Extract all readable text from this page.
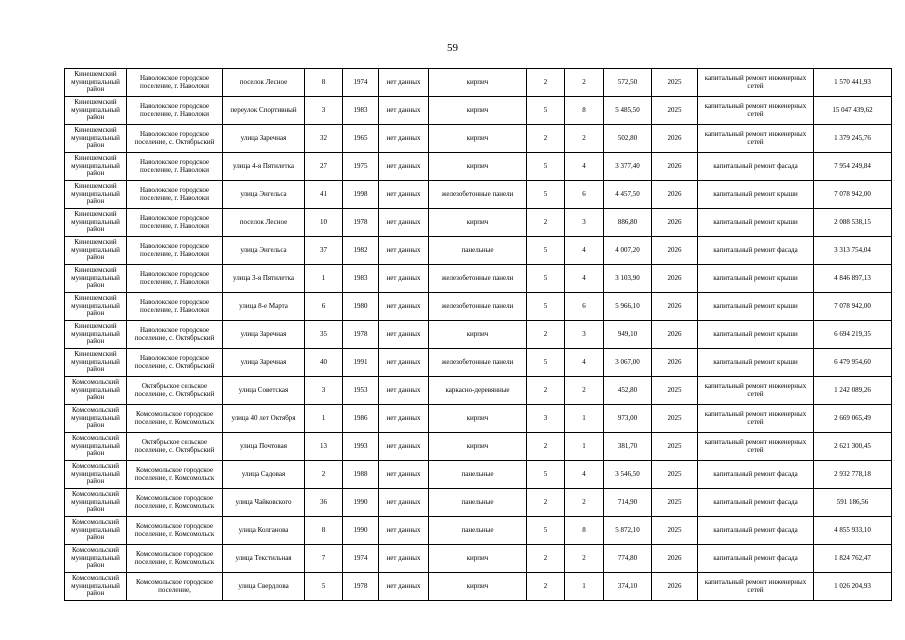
59
Кинешемский муниципальный район	Наволокское городское поселение, г. Наволоки	поселок Лесное	8	1974	нет данных	кирпич	2	2	572,50	2025	капитальный ремонт инженерных сетей	1 570 441,93
Кинешемский муниципальный район	Наволокское городское поселение, г. Наволоки	переулок Спортивный	3	1983	нет данных	кирпич	5	8	5 485,50	2025	капитальный ремонт инженерных сетей	15 047 439,62
Кинешемский муниципальный район	Наволокское городское поселение, с. Октябрьский	улица Заречная	32	1965	нет данных	кирпич	2	2	502,80	2026	капитальный ремонт инженерных сетей	1 379 245,76
Кинешемский муниципальный район	Наволокское городское поселение, г. Наволоки	улица 4-я Пятилетка	27	1975	нет данных	кирпич	5	4	3 377,40	2026	капитальный ремонт фасада	7 954 249,84
Кинешемский муниципальный район	Наволокское городское поселение, г. Наволоки	улица Энгельса	41	1998	нет данных	железобетонные панели	5	6	4 457,50	2026	капитальный ремонт крыши	7 078 942,00
Кинешемский муниципальный район	Наволокское городское поселение, г. Наволоки	поселок Лесное	10	1978	нет данных	кирпич	2	3	886,80	2026	капитальный ремонт крыши	2 088 538,15
Кинешемский муниципальный район	Наволокское городское поселение, г. Наволоки	улица Энгельса	37	1982	нет данных	панельные	5	4	4 007,20	2026	капитальный ремонт фасада	3 313 754,04
Кинешемский муниципальный район	Наволокское городское поселение, г. Наволоки	улица 3-я Пятилетка	1	1983	нет данных	железобетонные панели	5	4	3 103,90	2026	капитальный ремонт крыши	4 846 897,13
Кинешемский муниципальный район	Наволокское городское поселение, г. Наволоки	улица 8-е Марта	6	1980	нет данных	железобетонные панели	5	6	5 966,10	2026	капитальный ремонт крыши	7 078 942,00
Кинешемский муниципальный район	Наволокское городское поселение, с. Октябрьский	улица Заречная	35	1978	нет данных	кирпич	2	3	949,10	2026	капитальный ремонт крыши	6 694 219,35
Кинешемский муниципальный район	Наволокское городское поселение, с. Октябрьский	улица Заречная	40	1991	нет данных	железобетонные панели	5	4	3 067,00	2026	капитальный ремонт крыши	6 479 954,60
Комсомольский муниципальный район	Октябрьское сельское поселение, с. Октябрьский	улица Советская	3	1953	нет данных	каркасно-деревянные	2	2	452,80	2025	капитальный ремонт инженерных сетей	1 242 089,26
Комсомольский муниципальный район	Комсомольское городское поселение, г. Комсомольск	улица 40 лет Октября	1	1986	нет данных	кирпич	3	1	973,00	2025	капитальный ремонт инженерных сетей	2 669 065,49
Комсомольский муниципальный район	Октябрьское сельское поселение, с. Октябрьский	улица Почтовая	13	1993	нет данных	кирпич	2	1	381,70	2025	капитальный ремонт инженерных сетей	2 621 300,45
Комсомольский муниципальный район	Комсомольское городское поселение, г. Комсомольск	улица Садовая	2	1988	нет данных	панельные	5	4	3 546,50	2025	капитальный ремонт фасада	2 932 778,18
Комсомольский муниципальный район	Комсомольское городское поселение, г. Комсомольск	улица Чайковского	36	1990	нет данных	панельные	2	2	714,90	2025	капитальный ремонт фасада	591 186,56
Комсомольский муниципальный район	Комсомольское городское поселение, г. Комсомольск	улица Колганова	8	1990	нет данных	панельные	5	8	5 872,10	2025	капитальный ремонт фасада	4 855 933,10
Комсомольский муниципальный район	Комсомольское городское поселение, г. Комсомольск	улица Текстильная	7	1974	нет данных	кирпич	2	2	774,80	2026	капитальный ремонт фасада	1 824 762,47
Комсомольский муниципальный район	Комсомольское городское поселение,	улица Свердлова	5	1978	нет данных	кирпич	2	1	374,10	2026	капитальный ремонт инженерных сетей	1 026 204,93
